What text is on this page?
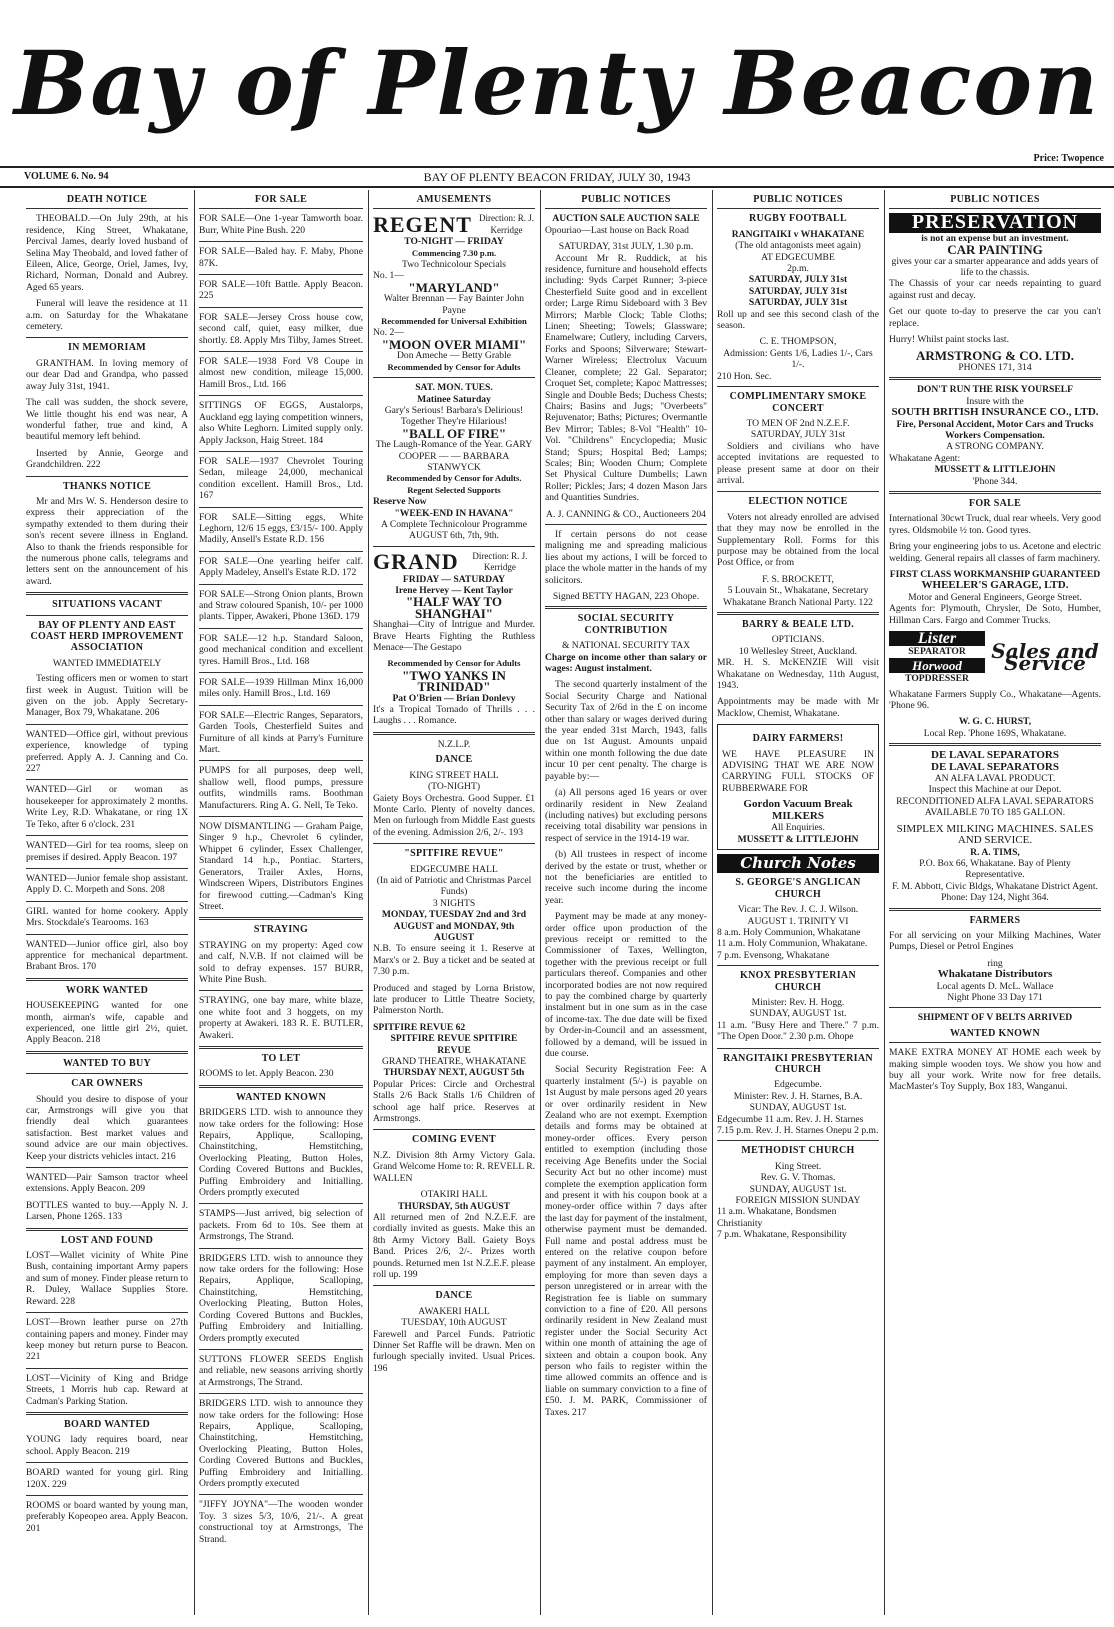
Bay of Plenty Beacon
VOLUME 6. No. 94	BAY OF PLENTY BEACON FRIDAY, JULY 30, 1943
Price: Twopence
DEATH NOTICE

THEOBALD.—On July 29th, at his residence, King Street, Whakatane, Percival James, dearly loved husband of Selina May Theobald, and loved father of Eileen, Alice, George, Oriel, James, Ivy, Richard, Norman, Donald and Aubrey. Aged 65 years.

Funeral will leave the residence at 11 a.m. on Saturday for the Whakatane cemetery.

IN MEMORIAM

GRANTHAM. In loving memory of our dear Dad and Grandpa, who passed away July 31st, 1941.

The call was sudden, the shock severe, We little thought his end was near, A wonderful father, true and kind, A beautiful memory left behind.

Inserted by Annie, George and Grandchildren. 222

THANKS NOTICE

Mr and Mrs W. S. Henderson desire to express their appreciation of the sympathy extended to them during their son's recent severe illness in England. Also to thank the friends responsible for the numerous phone calls, telegrams and letters sent on the announcement of his award.

SITUATIONS VACANT
BAY OF PLENTY AND EAST COAST HERD IMPROVEMENT ASSOCIATION
WANTED IMMEDIATELY

Testing officers men or women to start first week in August. Tuition will be given on the job. Apply Secretary-Manager, Box 79, Whakatane. 206

WANTED—Office girl, without previous experience, knowledge of typing preferred. Apply A. J. Canning and Co. 227

WANTED—Girl or woman as housekeeper for approximately 2 months. Write Ley, R.D. Whakatane, or ring 1X Te Teko, after 6 o'clock. 231

WANTED—Girl for tea rooms, sleep on premises if desired. Apply Beacon. 197

WANTED—Junior female shop assistant. Apply D. C. Morpeth and Sons. 208

GIRL wanted for home cookery. Apply Mrs. Stockdale's Tearooms. 163

WANTED—Junior office girl, also boy apprentice for mechanical department. Brabant Bros. 170

WORK WANTED

HOUSEKEEPING wanted for one month, airman's wife, capable and experienced, one little girl 2½, quiet. Apply Beacon. 218

WANTED TO BUY
CAR OWNERS

Should you desire to dispose of your car, Armstrongs will give you that friendly deal which guarantees satisfaction. Best market values and sound advice are our main objectives. Keep your districts vehicles intact. 216

WANTED—Pair Samson tractor wheel extensions. Apply Beacon. 209

BOTTLES wanted to buy.—Apply N. J. Larsen, Phone 126S. 133

LOST AND FOUND

LOST—Wallet vicinity of White Pine Bush, containing important Army papers and sum of money. Finder please return to R. Duley, Wallace Supplies Store. Reward. 228

LOST—Brown leather purse on 27th containing papers and money. Finder may keep money but return purse to Beacon. 221

LOST—Vicinity of King and Bridge Streets, 1 Morris hub cap. Reward at Cadman's Parking Station.

BOARD WANTED

YOUNG lady requires board, near school. Apply Beacon. 219

BOARD wanted for young girl. Ring 120X. 229

ROOMS or board wanted by young man, preferably Kopeopeo area. Apply Beacon. 201

FOR SALE

FOR SALE—One 1-year Tamworth boar. Burr, White Pine Bush. 220

FOR SALE—Baled hay. F. Maby, Phone 87K.

FOR SALE—10ft Battle. Apply Beacon. 225

FOR SALE—Jersey Cross house cow, second calf, quiet, easy milker, due shortly. £8. Apply Mrs Tilby, James Street.

FOR SALE—1938 Ford V8 Coupe in almost new condition, mileage 15,000. Hamill Bros., Ltd. 166

SITTINGS OF EGGS, Austalorps, Auckland egg laying competition winners, also White Leghorn. Limited supply only. Apply Jackson, Haig Street. 184

FOR SALE—1937 Chevrolet Touring Sedan, mileage 24,000, mechanical condition excellent. Hamill Bros., Ltd. 167

FOR SALE—Sitting eggs, White Leghorn, 12/6 15 eggs, £3/15/- 100. Apply Madily, Ansell's Estate R.D. 156

FOR SALE—One yearling heifer calf. Apply Madeley, Ansell's Estate R.D. 172

FOR SALE—Strong Onion plants, Brown and Straw coloured Spanish, 10/- per 1000 plants. Tipper, Awakeri, Phone 136D. 179

FOR SALE—12 h.p. Standard Saloon, good mechanical condition and excellent tyres. Hamill Bros., Ltd. 168

FOR SALE—1939 Hillman Minx 16,000 miles only. Hamill Bros., Ltd. 169

FOR SALE—Electric Ranges, Separators, Garden Tools, Chesterfield Suites and Furniture of all kinds at Parry's Furniture Mart.

PUMPS for all purposes, deep well, shallow well, flood pumps, pressure outfits, windmills rams. Boothman Manufacturers. Ring A. G. Nell, Te Teko.

NOW DISMANTLING — Graham Paige, Singer 9 h.p., Chevrolet 6 cylinder, Whippet 6 cylinder, Essex Challenger, Standard 14 h.p., Pontiac. Starters, Generators, Trailer Axles, Horns, Windscreen Wipers, Distributors Engines for firewood cutting.—Cadman's King Street.

STRAYING

STRAYING on my property: Aged cow and calf, N.V.B. If not claimed will be sold to defray expenses. 157 BURR, White Pine Bush.

STRAYING, one bay mare, white blaze, one white foot and 3 hoggets, on my property at Awakeri. 183 R. E. BUTLER, Awakeri.

TO LET

ROOMS to let. Apply Beacon. 230

WANTED KNOWN

BRIDGERS LTD. wish to announce they now take orders for the following: Hose Repairs, Applique, Scalloping, Chainstitching, Hemstitching, Overlocking Pleating, Button Holes, Cording Covered Buttons and Buckles, Puffing Embroidery and Initialling. Orders promptly executed

STAMPS—Just arrived, big selection of packets. From 6d to 10s. See them at Armstrongs, The Strand.

BRIDGERS LTD. wish to announce they now take orders for the following: Hose Repairs, Applique, Scalloping, Chainstitching, Hemstitching, Overlocking Pleating, Button Holes, Cording Covered Buttons and Buckles, Puffing Embroidery and Initialling. Orders promptly executed

SUTTONS FLOWER SEEDS English and reliable, new seasons arriving shortly at Armstrongs, The Strand.

BRIDGERS LTD. wish to announce they now take orders for the following: Hose Repairs, Applique, Scalloping, Chainstitching, Hemstitching, Overlocking Pleating, Button Holes, Cording Covered Buttons and Buckles, Puffing Embroidery and Initialling. Orders promptly executed

"JIFFY JOYNA"—The wooden wonder Toy. 3 sizes 5/3, 10/6, 21/-. A great constructional toy at Armstrongs, The Strand.

AMUSEMENTS
REGENT Direction: R. J. Kerridge
TO-NIGHT — FRIDAY
Commencing 7.30 p.m.
Two Technicolour Specials
No. 1—
"MARYLAND"
Walter Brennan — Fay Bainter John Payne
Recommended for Universal Exhibition
No. 2—
"MOON OVER MIAMI"
Don Ameche — Betty Grable
Recommended by Censor for Adults
SAT. MON. TUES.
Matinee Saturday
Gary's Serious! Barbara's Delirious! Together They're Hilarious!
"BALL OF FIRE"
The Laugh-Romance of the Year. GARY COOPER — — BARBARA STANWYCK
Recommended by Censor for Adults. Regent Selected Supports
Reserve Now
"WEEK-END IN HAVANA"
A Complete Technicolour Programme AUGUST 6th, 7th, 9th.
GRAND	Direction: R. J. Kerridge
FRIDAY — SATURDAY
Irene Hervey — Kent Taylor
"HALF WAY TO SHANGHAI"
Shanghai—City of Intrigue and Murder. Brave Hearts Fighting the Ruthless Menace—The Gestapo
Recommended by Censor for Adults
"TWO YANKS IN TRINIDAD"
Pat O'Brien — Brian Donlevy
It's a Tropical Tornado of Thrills . . . Laughs . . . Romance.
N.Z.L.P.
DANCE
KING STREET HALL
(TO-NIGHT)

Gaiety Boys Orchestra. Good Supper. £1 Monte Carlo. Plenty of novelty dances. Men on furlough from Middle East guests of the evening. Admission 2/6, 2/-. 193

"SPITFIRE REVUE"
EDGECUMBE HALL
(In aid of Patriotic and Christmas Parcel Funds)
3 NIGHTS
MONDAY, TUESDAY 2nd and 3rd AUGUST and MONDAY, 9th AUGUST

N.B. To ensure seeing it 1. Reserve at Marx's or 2. Buy a ticket and be seated at 7.30 p.m.

Produced and staged by Lorna Bristow, late producer to Little Theatre Society, Palmerston North.

SPITFIRE REVUE 62
SPITFIRE REVUE SPITFIRE REVUE
GRAND THEATRE, WHAKATANE
THURSDAY NEXT, AUGUST 5th

Popular Prices: Circle and Orchestral Stalls 2/6 Back Stalls 1/6 Children of school age half price. Reserves at Armstrongs.

COMING EVENT

N.Z. Division 8th Army Victory Gala. Grand Welcome Home to: R. REVELL R. WALLEN

OTAKIRI HALL
THURSDAY, 5th AUGUST

All returned men of 2nd N.Z.E.F. are cordially invited as guests. Make this an 8th Army Victory Ball. Gaiety Boys Band. Prices 2/6, 2/-. Prizes worth pounds. Returned men 1st N.Z.E.F. please roll up. 199

DANCE
AWAKERI HALL
TUESDAY, 10th AUGUST

Farewell and Parcel Funds. Patriotic Dinner Set Raffle will be drawn. Men on furlough specially invited. Usual Prices. 196

PUBLIC NOTICES
AUCTION SALE AUCTION SALE

Opouriao—Last house on Back Road

SATURDAY, 31st JULY, 1.30 p.m.

Account Mr R. Ruddick, at his residence, furniture and household effects including: 9yds Carpet Runner; 3-piece Chesterfield Suite good and in excellent order; Large Rimu Sideboard with 3 Bev Mirrors; Marble Clock; Table Cloths; Linen; Sheeting; Towels; Glassware; Enamelware; Cutlery, including Carvers, Forks and Spoons; Silverware; Stewart-Warner Wireless; Electrolux Vacuum Cleaner, complete; 22 Gal. Separator; Croquet Set, complete; Kapoc Mattresses; Single and Double Beds; Duchess Chests; Chairs; Basins and Jugs; "Overbeets" Rejuvenator; Baths; Pictures; Overmantle Bev Mirror; Tables; 8-Vol "Health" 10-Vol. "Childrens" Encyclopedia; Music Stand; Spurs; Hospital Bed; Lamps; Scales; Bin; Wooden Churn; Complete Set Physical Culture Dumbells; Lawn Roller; Pickles; Jars; 4 dozen Mason Jars and Quantities Sundries.

A. J. CANNING & CO., Auctioneers 204

If certain persons do not cease maligning me and spreading malicious lies about my actions, I will be forced to place the whole matter in the hands of my solicitors.

Signed BETTY HAGAN, 223 Ohope.
SOCIAL SECURITY CONTRIBUTION
& NATIONAL SECURITY TAX

Charge on income other than salary or wages: August instalment.

The second quarterly instalment of the Social Security Charge and National Security Tax of 2/6d in the £ on income other than salary or wages derived during the year ended 31st March, 1943, falls due on 1st August. Amounts unpaid within one month following the due date incur 10 per cent penalty. The charge is payable by:—

(a) All persons aged 16 years or over ordinarily resident in New Zealand (including natives) but excluding persons receiving total disability war pensions in respect of service in the 1914-19 war.

(b) All trustees in respect of income derived by the estate or trust, whether or not the beneficiaries are entitled to receive such income during the income year.

Payment may be made at any money-order office upon production of the previous receipt or remitted to the Commissioner of Taxes, Wellington, together with the previous receipt or full particulars thereof. Companies and other incorporated bodies are not now required to pay the combined charge by quarterly instalment but in one sum as in the case of income-tax. The due date will be fixed by Order-in-Council and an assessment, followed by a demand, will be issued in due course.

Social Security Registration Fee: A quarterly instalment (5/-) is payable on 1st August by male persons aged 20 years or over ordinarily resident in New Zealand who are not exempt. Exemption details and forms may be obtained at money-order offices. Every person entitled to exemption (including those receiving Age Benefits under the Social Security Act but no other income) must complete the exemption application form and present it with his coupon book at a money-order office within 7 days after the last day for payment of the instalment, otherwise payment must be demanded. Full name and postal address must be entered on the relative coupon before payment of any instalment. An employer, employing for more than seven days a person unregistered or in arrear with the Registration fee is liable on summary conviction to a fine of £20. All persons ordinarily resident in New Zealand must register under the Social Security Act within one month of attaining the age of sixteen and obtain a coupon book. Any person who fails to register within the time allowed commits an offence and is liable on summary conviction to a fine of £50. J. M. PARK, Commissioner of Taxes. 217

PUBLIC NOTICES
RUGBY FOOTBALL
RANGITAIKI v WHAKATANE
(The old antagonists meet again)
AT EDGECUMBE
2p.m.
SATURDAY, JULY 31st
SATURDAY, JULY 31st
SATURDAY, JULY 31st

Roll up and see this second clash of the season.

C. E. THOMPSON,
Admission: Gents 1/6, Ladies 1/-, Cars 1/-.
210 Hon. Sec.
COMPLIMENTARY SMOKE CONCERT
TO MEN OF 2nd N.Z.E.F.
SATURDAY, JULY 31st

Soldiers and civilians who have accepted invitations are requested to please present same at door on their arrival.

ELECTION NOTICE

Voters not already enrolled are advised that they may now be enrolled in the Supplementary Roll. Forms for this purpose may be obtained from the local Post Office, or from

F. S. BROCKETT,
5 Louvain St., Whakatane, Secretary Whakatane Branch National Party. 122
BARRY & BEALE LTD.
OPTICIANS.
10 Wellesley Street, Auckland.

MR. H. S. McKENZIE Will visit Whakatane on Wednesday, 11th August, 1943.

Appointments may be made with Mr Macklow, Chemist, Whakatane.

DAIRY FARMERS!

WE HAVE PLEASURE IN ADVISING THAT WE ARE NOW CARRYING FULL STOCKS OF RUBBERWARE FOR

Gordon Vacuum Break MILKERS
All Enquiries.
MUSSETT & LITTLEJOHN
Church Notes
S. GEORGE'S ANGLICAN CHURCH
Vicar: The Rev. J. C. J. Wilson.
AUGUST 1. TRINITY VI
8 a.m. Holy Communion, Whakatane
11 a.m. Holy Communion, Whakatane.
7 p.m. Evensong, Whakatane
KNOX PRESBYTERIAN CHURCH
Minister: Rev. H. Hogg.
SUNDAY, AUGUST 1st.

11 a.m. "Busy Here and There." 7 p.m. "The Open Door." 2.30 p.m. Ohope

RANGITAIKI PRESBYTERIAN CHURCH
Edgecumbe.
Minister: Rev. J. H. Starnes, B.A.
SUNDAY, AUGUST 1st.
Edgecumbe 11 a.m. Rev. J. H. Starnes
7.15 p.m. Rev. J. H. Starnes Onepu 2 p.m.
METHODIST CHURCH
King Street.
Rev. G. V. Thomas.
SUNDAY, AUGUST 1st.
FOREIGN MISSION SUNDAY
11 a.m. Whakatane, Bondsmen Christianity
7 p.m. Whakatane, Responsibility
PUBLIC NOTICES
PRESERVATION
is not an expense but an investment.
CAR PAINTING
gives your car a smarter appearance and adds years of life to the chassis.

The Chassis of your car needs repainting to guard against rust and decay.

Get our quote to-day to preserve the car you can't replace.

Hurry! Whilst paint stocks last.

ARMSTRONG & CO. LTD.
PHONES 171, 314
DON'T RUN THE RISK YOURSELF
Insure with the
SOUTH BRITISH INSURANCE CO., LTD.
Fire, Personal Accident, Motor Cars and Trucks Workers Compensation.
A STRONG COMPANY.
Whakatane Agent:
MUSSETT & LITTLEJOHN
'Phone 344.
FOR SALE

International 30cwt Truck, dual rear wheels. Very good tyres. Oldsmobile ½ ton. Good tyres.

Bring your engineering jobs to us. Acetone and electric welding. General repairs all classes of farm machinery.

FIRST CLASS WORKMANSHIP GUARANTEED
WHEELER'S GARAGE, LTD.
Motor and General Engineers, George Street.

Agents for: Plymouth, Chrysler, De Soto, Humber, Hillman Cars. Fargo and Commer Trucks.

Lister
SEPARATOR
Horwood
TOPDRESSER
Sales and Service

Whakatane Farmers Supply Co., Whakatane—Agents. 'Phone 96.

W. G. C. HURST,
Local Rep. 'Phone 169S, Whakatane.
DE LAVAL SEPARATORS
DE LAVAL SEPARATORS
AN ALFA LAVAL PRODUCT.
Inspect this Machine at our Depot.

RECONDITIONED ALFA LAVAL SEPARATORS AVAILABLE 70 TO 185 GALLON.

SIMPLEX MILKING MACHINES. SALES AND SERVICE.
R. A. TIMS,
P.O. Box 66, Whakatane. Bay of Plenty Representative.
F. M. Abbott, Civic Bldgs, Whakatane District Agent.
Phone: Day 124, Night 364.
FARMERS

For all servicing on your Milking Machines, Water Pumps, Diesel or Petrol Engines

ring
Whakatane Distributors
Local agents D. McL. Wallace
Night Phone 33 Day 171
SHIPMENT OF V BELTS ARRIVED
WANTED KNOWN

MAKE EXTRA MONEY AT HOME each week by making simple wooden toys. We show you how and buy all your work. Write now for free details. MacMaster's Toy Supply, Box 183, Wanganui.
